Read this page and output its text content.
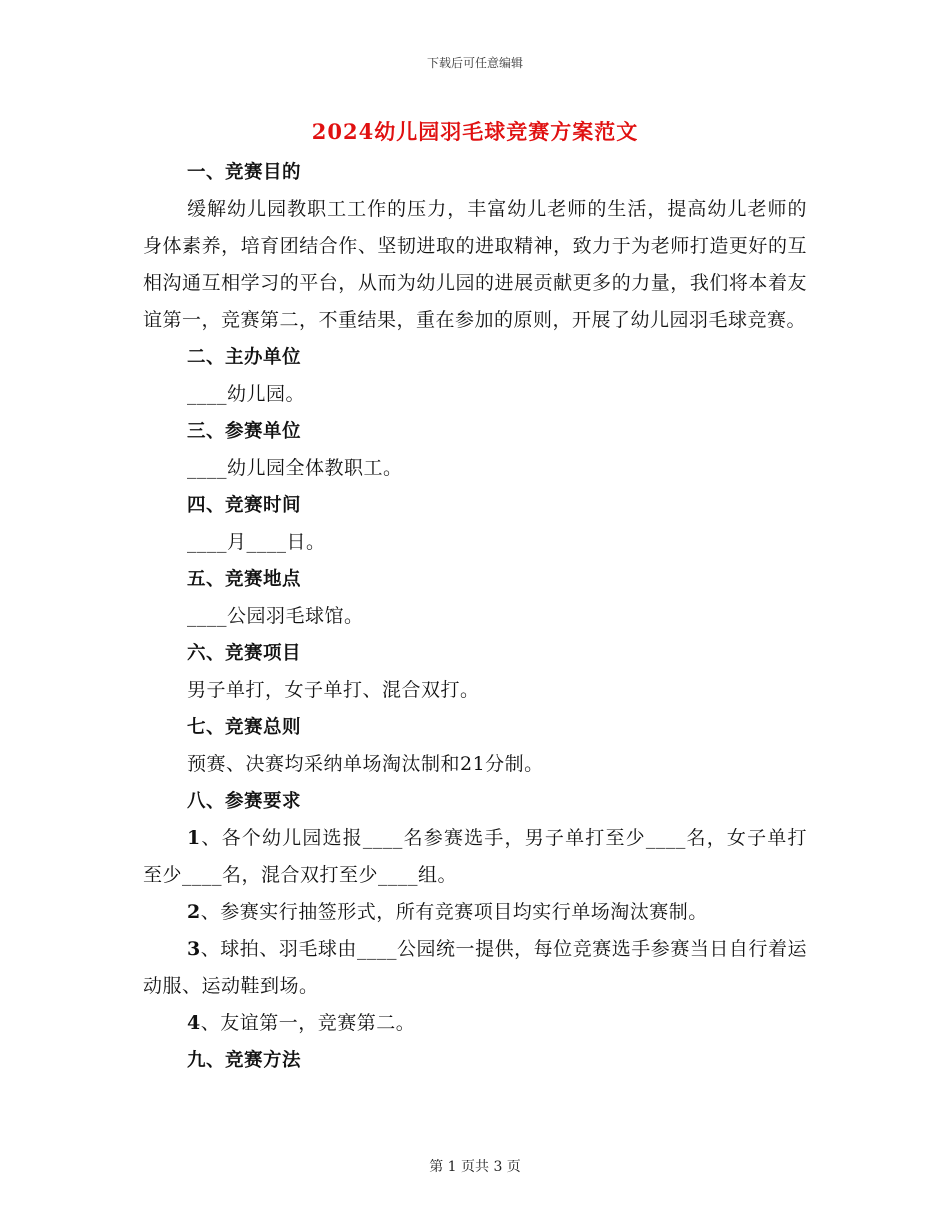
下载后可任意编辑
2024幼儿园羽毛球竞赛方案范文

一、竞赛目的

缓解幼儿园教职工工作的压力，丰富幼儿老师的生活，提高幼儿老师的身体素养，培育团结合作、坚韧进取的进取精神，致力于为老师打造更好的互相沟通互相学习的平台，从而为幼儿园的进展贡献更多的力量，我们将本着友谊第一，竞赛第二，不重结果，重在参加的原则，开展了幼儿园羽毛球竞赛。

二、主办单位

____幼儿园。

三、参赛单位

____幼儿园全体教职工。

四、竞赛时间

____月____日。

五、竞赛地点

____公园羽毛球馆。

六、竞赛项目

男子单打，女子单打、混合双打。

七、竞赛总则

预赛、决赛均采纳单场淘汰制和21分制。

八、参赛要求

1、各个幼儿园选报____名参赛选手，男子单打至少____名，女子单打至少____名，混合双打至少____组。

2、参赛实行抽签形式，所有竞赛项目均实行单场淘汰赛制。

3、球拍、羽毛球由____公园统一提供，每位竞赛选手参赛当日自行着运动服、运动鞋到场。

4、友谊第一，竞赛第二。

九、竞赛方法

第 1 页共 3 页
